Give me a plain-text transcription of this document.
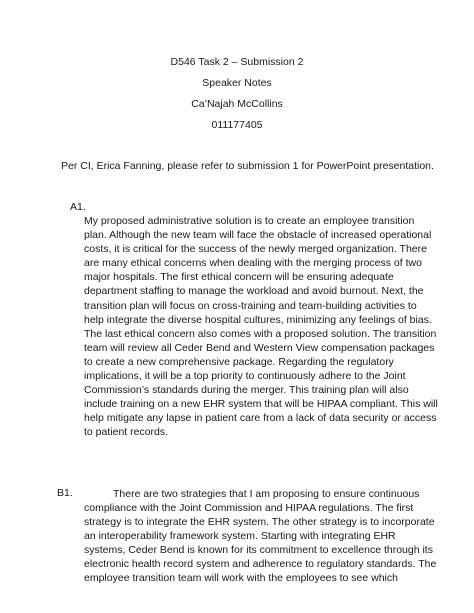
D546 Task 2 – Submission 2
Speaker Notes
Ca’Najah McCollins
011177405
Per CI, Erica Fanning, please refer to submission 1 for PowerPoint presentation.
A1.
My proposed administrative solution is to create an employee transition
plan. Although the new team will face the obstacle of increased operational
costs, it is critical for the success of the newly merged organization. There
are many ethical concerns when dealing with the merging process of two
major hospitals. The first ethical concern will be ensuring adequate
department staffing to manage the workload and avoid burnout. Next, the
transition plan will focus on cross-training and team-building activities to
help integrate the diverse hospital cultures, minimizing any feelings of bias.
The last ethical concern also comes with a proposed solution. The transition
team will review all Ceder Bend and Western View compensation packages
to create a new comprehensive package. Regarding the regulatory
implications, it will be a top priority to continuously adhere to the Joint
Commission’s standards during the merger. This training plan will also
include training on a new EHR system that will be HIPAA compliant. This will
help mitigate any lapse in patient care from a lack of data security or access
to patient records.
B1.	There are two strategies that I am proposing to ensure continuous
compliance with the Joint Commission and HIPAA regulations. The first
strategy is to integrate the EHR system. The other strategy is to incorporate
an interoperability framework system. Starting with integrating EHR
systems, Ceder Bend is known for its commitment to excellence through its
electronic health record system and adherence to regulatory standards. The
employee transition team will work with the employees to see which
